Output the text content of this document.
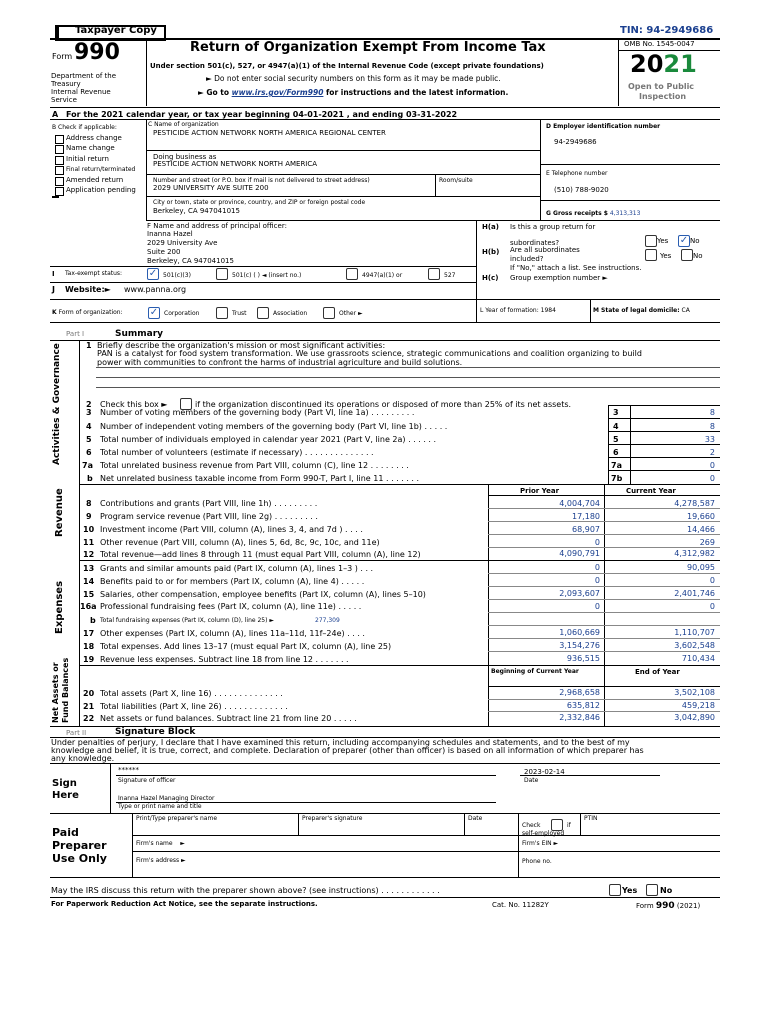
Taxpayer Copy	TIN: 94-2949686
Form 990
Department of the
Treasury
Internal Revenue
Service
Return of Organization Exempt From Income Tax
Under section 501(c), 527, or 4947(a)(1) of the Internal Revenue Code (except private foundations)
► Do not enter social security numbers on this form as it may be made public.
► Go to www.irs.gov/Form990 for instructions and the latest information.
OMB No. 1545-0047
2021
Open to Public
Inspection
A For the 2021 calendar year, or tax year beginning 04-01-2021 , and ending 03-31-2022
B Check if applicable:
Address change
Name change
Initial return
Final return/terminated
Amended return
Application pending
C Name of organization
PESTICIDE ACTION NETWORK NORTH AMERICA REGIONAL CENTER
Doing business as
PESTICIDE ACTION NETWORK NORTH AMERICA
Number and street (or P.O. box if mail is not delivered to street address)	Room/suite
2029 UNIVERSITY AVE SUITE 200
City or town, state or province, country, and ZIP or foreign postal code
Berkeley, CA 947041015
D Employer identification number
94-2949686
E Telephone number
(510) 788-9020
G Gross receipts $ 4,313,313
F Name and address of principal officer:
Inanna Hazel
2029 University Ave
Suite 200
Berkeley, CA 947041015
H(a) Is this a group return for
subordinates?	Yes ✓ No
H(b) Are all subordinates
included?	Yes	No
If "No," attach a list. See instructions.
H(c) Group exemption number ►
I Tax-exempt status:	✓ 501(c)(3)	501(c) ( ) ◄ (insert no.)	4947(a)(1) or	527
J Website:► www.panna.org
K Form of organization:	✓ Corporation	Trust	Association	Other ►	L Year of formation: 1984	M State of legal domicile: CA
Part I	Summary
Activities & Governance
Revenue
Expenses
Net Assets or Fund Balances
1 Briefly describe the organization's mission or most significant activities:
PAN is a catalyst for food system transformation. We use grassroots science, strategic communications and coalition organizing to build
power with communities to confront the harms of industrial agriculture and build solutions.
2 Check this box ►	if the organization discontinued its operations or disposed of more than 25% of its net assets.
3 Number of voting members of the governing body (Part VI, line 1a) . . . . . . . . .	3	8
4 Number of independent voting members of the governing body (Part VI, line 1b) . . . . .	4	8
5 Total number of individuals employed in calendar year 2021 (Part V, line 2a) . . . . . .	5	33
6 Total number of volunteers (estimate if necessary) . . . . . . . . . . . . . .	6	2
7a Total unrelated business revenue from Part VIII, column (C), line 12 . . . . . . . .	7a	0
b Net unrelated business taxable income from Form 990-T, Part I, line 11 . . . . . . .	7b	0
Prior Year	Current Year
8 Contributions and grants (Part VIII, line 1h) . . . . . . . . .	4,004,704	4,278,587
9 Program service revenue (Part VIII, line 2g) . . . . . . . . .	17,180	19,660
10 Investment income (Part VIII, column (A), lines 3, 4, and 7d ) . . . .	68,907	14,466
11 Other revenue (Part VIII, column (A), lines 5, 6d, 8c, 9c, 10c, and 11e)	0	269
12 Total revenue—add lines 8 through 11 (must equal Part VIII, column (A), line 12)	4,090,791	4,312,982
13 Grants and similar amounts paid (Part IX, column (A), lines 1–3 ) . . .	0	90,095
14 Benefits paid to or for members (Part IX, column (A), line 4) . . . . .	0	0
15 Salaries, other compensation, employee benefits (Part IX, column (A), lines 5–10)	2,093,607	2,401,746
16a Professional fundraising fees (Part IX, column (A), line 11e) . . . . .	0	0
b Total fundraising expenses (Part IX, column (D), line 25) ►	277,309
17 Other expenses (Part IX, column (A), lines 11a–11d, 11f–24e) . . . .	1,060,669	1,110,707
18 Total expenses. Add lines 13–17 (must equal Part IX, column (A), line 25)	3,154,276	3,602,548
19 Revenue less expenses. Subtract line 18 from line 12 . . . . . . .	936,515	710,434
Beginning of Current Year	End of Year
20 Total assets (Part X, line 16) . . . . . . . . . . . . . .	2,968,658	3,502,108
21 Total liabilities (Part X, line 26) . . . . . . . . . . . . .	635,812	459,218
22 Net assets or fund balances. Subtract line 21 from line 20 . . . . .	2,332,846	3,042,890
Part II	Signature Block
Under penalties of perjury, I declare that I have examined this return, including accompanying schedules and statements, and to the best of my
knowledge and belief, it is true, correct, and complete. Declaration of preparer (other than officer) is based on all information of which preparer has
any knowledge.
Sign
Here
******
Signature of officer
2023-02-14
Date
Inanna Hazel Managing Director
Type or print name and title
Paid
Preparer
Use Only
Print/Type preparer's name	Preparer's signature	Date
Check	if
self-employed
PTIN
Firm's name    ►	Firm's EIN ►
Firm's address ►	Phone no.
May the IRS discuss this return with the preparer shown above? (see instructions) . . . . . . . . . . . .	Yes	No
For Paperwork Reduction Act Notice, see the separate instructions.	Cat. No. 11282Y	Form 990 (2021)
